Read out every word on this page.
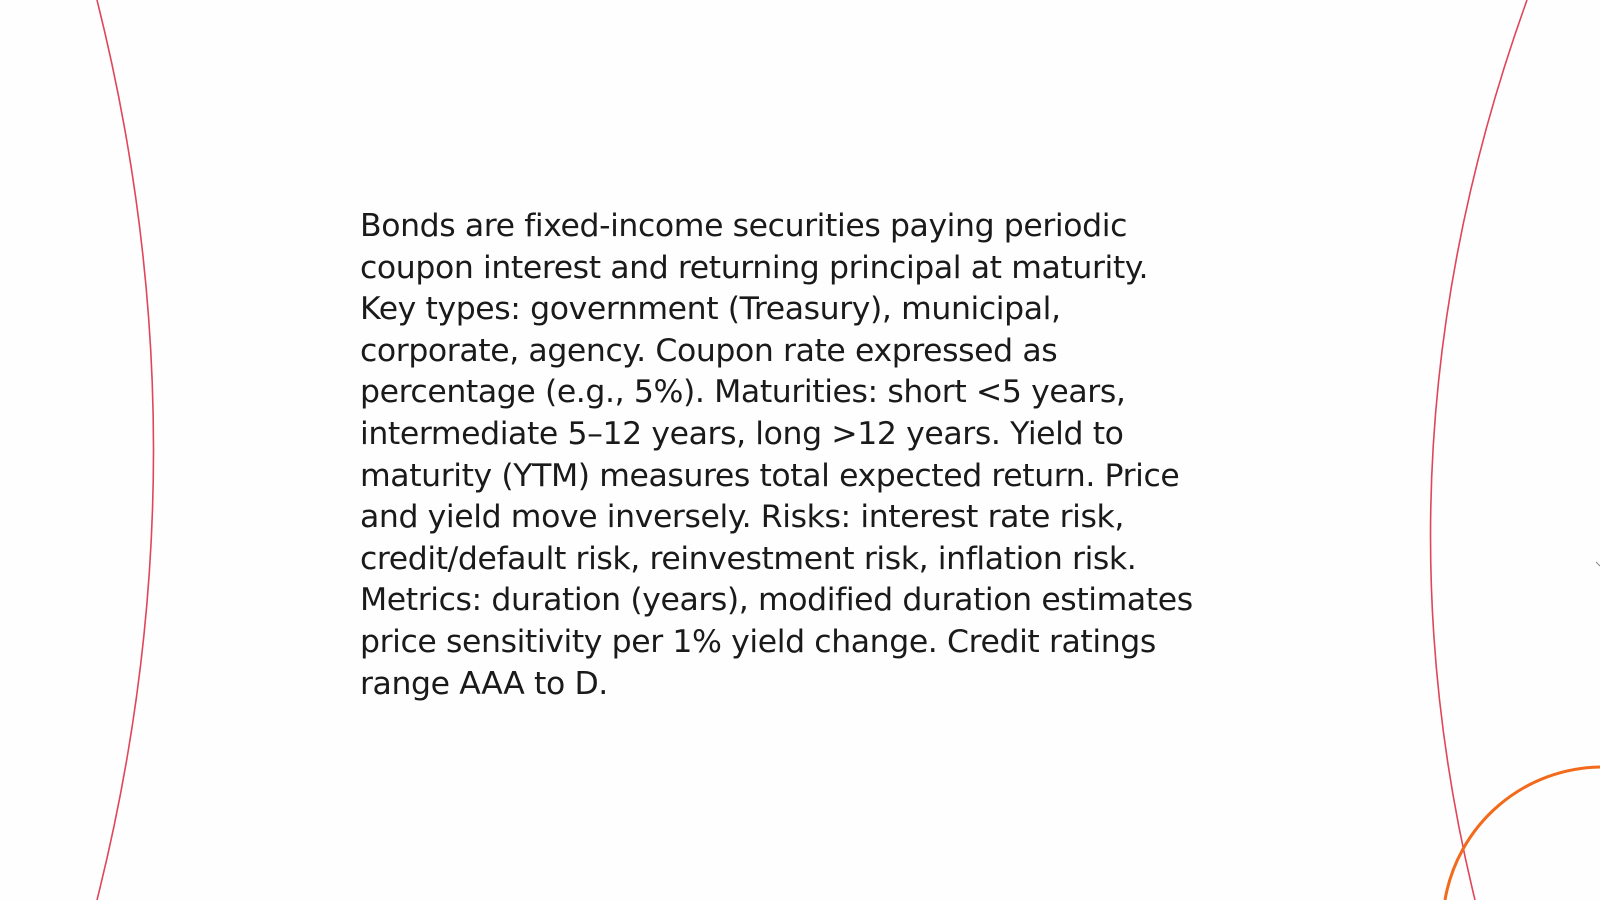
Bonds are fixed-income securities paying periodic
coupon interest and returning principal at maturity.
Key types: government (Treasury), municipal,
corporate, agency. Coupon rate expressed as
percentage (e.g., 5%). Maturities: short <5 years,
intermediate 5–12 years, long >12 years. Yield to
maturity (YTM) measures total expected return. Price
and yield move inversely. Risks: interest rate risk,
credit/default risk, reinvestment risk, inflation risk.
Metrics: duration (years), modified duration estimates
price sensitivity per 1% yield change. Credit ratings
range AAA to D.
